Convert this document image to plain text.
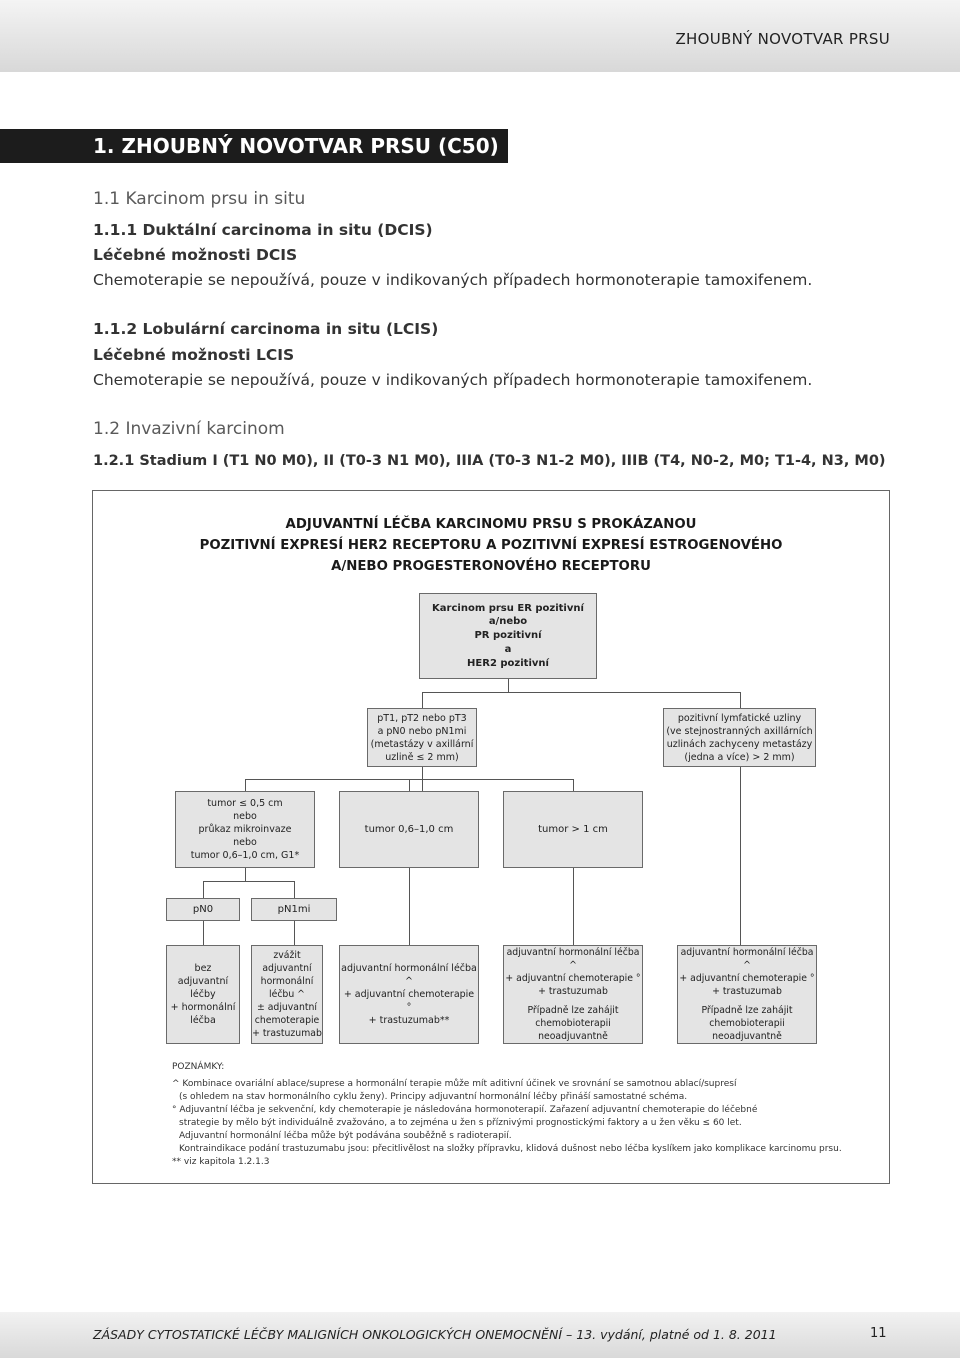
ZHOUBNÝ NOVOTVAR PRSU
1. ZHOUBNÝ NOVOTVAR PRSU (C50)
1.1 Karcinom prsu in situ
1.1.1 Duktální carcinoma in situ (DCIS)
Léčebné možnosti DCIS
Chemoterapie se nepoužívá, pouze v indikovaných případech hormonoterapie tamoxifenem.
1.1.2 Lobulární carcinoma in situ (LCIS)
Léčebné možnosti LCIS
Chemoterapie se nepoužívá, pouze v indikovaných případech hormonoterapie tamoxifenem.
1.2 Invazivní karcinom
1.2.1 Stadium I (T1 N0 M0), II (T0-3 N1 M0), IIIA (T0-3 N1-2 M0), IIIB (T4, N0-2, M0; T1-4, N3, M0)
ADJUVANTNÍ LÉČBA KARCINOMU PRSU S PROKÁZANOU
POZITIVNÍ EXPRESÍ HER2 RECEPTORU A POZITIVNÍ EXPRESÍ ESTROGENOVÉHO
A/NEBO PROGESTERONOVÉHO RECEPTORU
Karcinom prsu ER pozitivní
a/nebo
PR pozitivní
a
HER2 pozitivní
pT1, pT2 nebo pT3
a pN0 nebo pN1mi
(metastázy v axillární
uzlině ≤ 2 mm)
pozitivní lymfatické uzliny
(ve stejnostranných axillárních
uzlinách zachyceny metastázy
(jedna a více) > 2 mm)
tumor ≤ 0,5 cm
nebo
průkaz mikroinvaze
nebo
tumor 0,6–1,0 cm, G1*
tumor 0,6–1,0 cm	tumor > 1 cm
pN0	pN1mi
bez
adjuvantní
léčby
+ hormonální
léčba
zvážit
adjuvantní
hormonální
léčbu ^
± adjuvantní
chemoterapie
+ trastuzumab
adjuvantní hormonální léčba ^
+ adjuvantní chemoterapie °
+ trastuzumab**
adjuvantní hormonální léčba ^
+ adjuvantní chemoterapie °
+ trastuzumab
Případně lze zahájit
chemobioterapii neoadjuvantně
adjuvantní hormonální léčba ^
+ adjuvantní chemoterapie °
+ trastuzumab
Případně lze zahájit
chemobioterapii neoadjuvantně
POZNÁMKY:
^ Kombinace ovariální ablace/suprese a hormonální terapie může mít aditivní účinek ve srovnání se samotnou ablací/supresí
(s ohledem na stav hormonálního cyklu ženy). Principy adjuvantní hormonální léčby přináší samostatné schéma.
° Adjuvantní léčba je sekvenční, kdy chemoterapie je následována hormonoterapií. Zařazení adjuvantní chemoterapie do léčebné
strategie by mělo být individuálně zvažováno, a to zejména u žen s příznivými prognostickými faktory a u žen věku ≤ 60 let.
Adjuvantní hormonální léčba může být podávána souběžně s radioterapií.
Kontraindikace podání trastuzumabu jsou: přecitlivělost na složky přípravku, klidová dušnost nebo léčba kyslíkem jako komplikace karcinomu prsu.
** viz kapitola 1.2.1.3
ZÁSADY CYTOSTATICKÉ LÉČBY MALIGNÍCH ONKOLOGICKÝCH ONEMOCNĚNÍ – 13. vydání, platné od 1. 8. 2011	11
